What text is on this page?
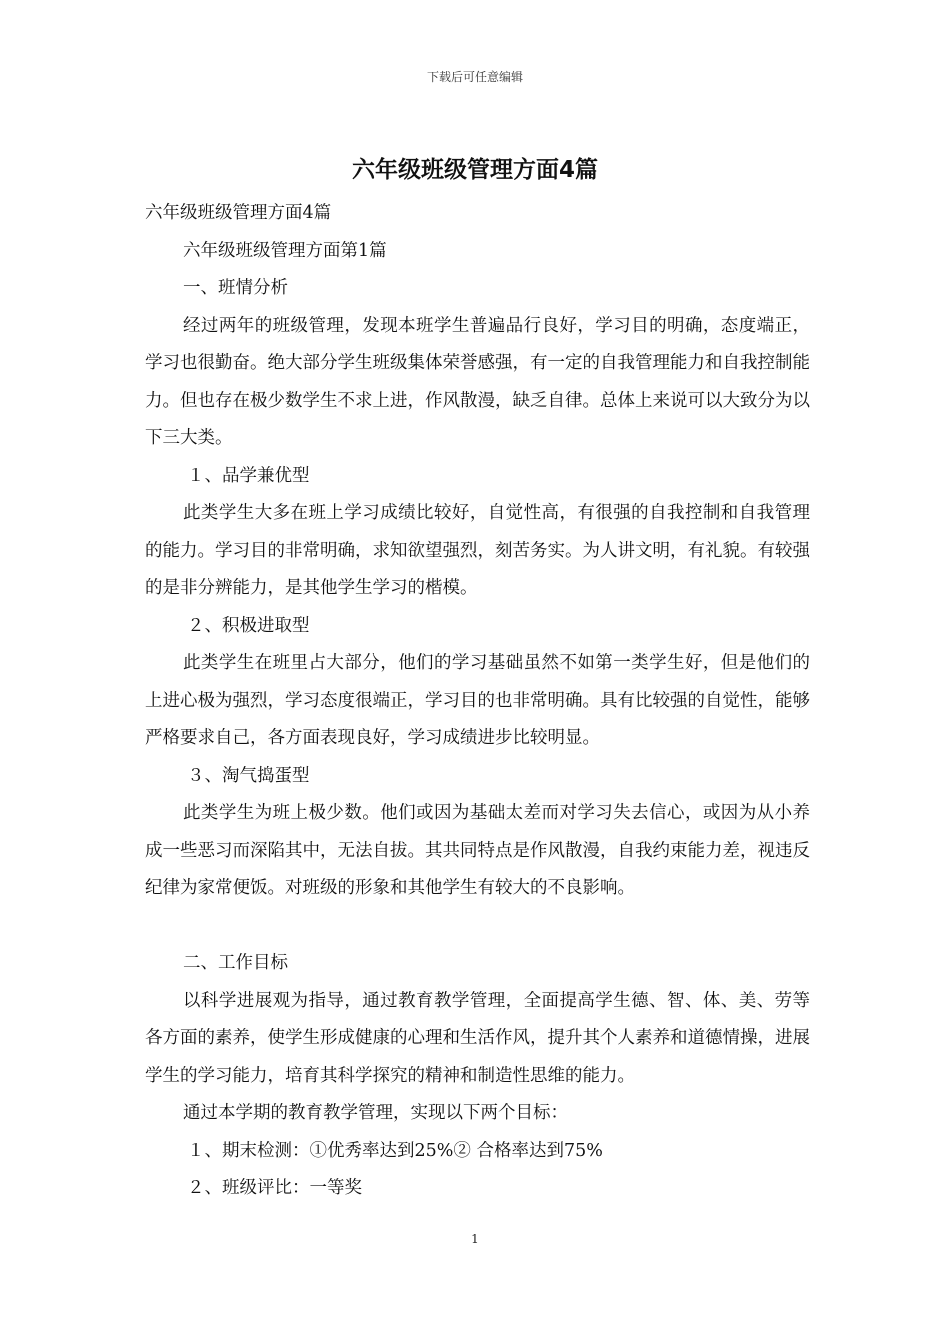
下载后可任意编辑
六年级班级管理方面4篇

六年级班级管理方面4篇

六年级班级管理方面第1篇

一、班情分析

经过两年的班级管理，发现本班学生普遍品行良好，学习目的明确，态度端正，学习也很勤奋。绝大部分学生班级集体荣誉感强，有一定的自我管理能力和自我控制能力。但也存在极少数学生不求上进，作风散漫，缺乏自律。总体上来说可以大致分为以下三大类。

１、品学兼优型

此类学生大多在班上学习成绩比较好，自觉性高，有很强的自我控制和自我管理的能力。学习目的非常明确，求知欲望强烈，刻苦务实。为人讲文明，有礼貌。有较强的是非分辨能力，是其他学生学习的楷模。

２、积极进取型

此类学生在班里占大部分，他们的学习基础虽然不如第一类学生好，但是他们的上进心极为强烈，学习态度很端正，学习目的也非常明确。具有比较强的自觉性，能够严格要求自己，各方面表现良好，学习成绩进步比较明显。

３、淘气捣蛋型

此类学生为班上极少数。他们或因为基础太差而对学习失去信心，或因为从小养成一些恶习而深陷其中，无法自拔。其共同特点是作风散漫，自我约束能力差，视违反纪律为家常便饭。对班级的形象和其他学生有较大的不良影响。

二、工作目标

以科学进展观为指导，通过教育教学管理，全面提高学生德、智、体、美、劳等各方面的素养，使学生形成健康的心理和生活作风，提升其个人素养和道德情操，进展学生的学习能力，培育其科学探究的精神和制造性思维的能力。

通过本学期的教育教学管理，实现以下两个目标：

１、期末检测：①优秀率达到25%② 合格率达到75%

２、班级评比：一等奖

1
